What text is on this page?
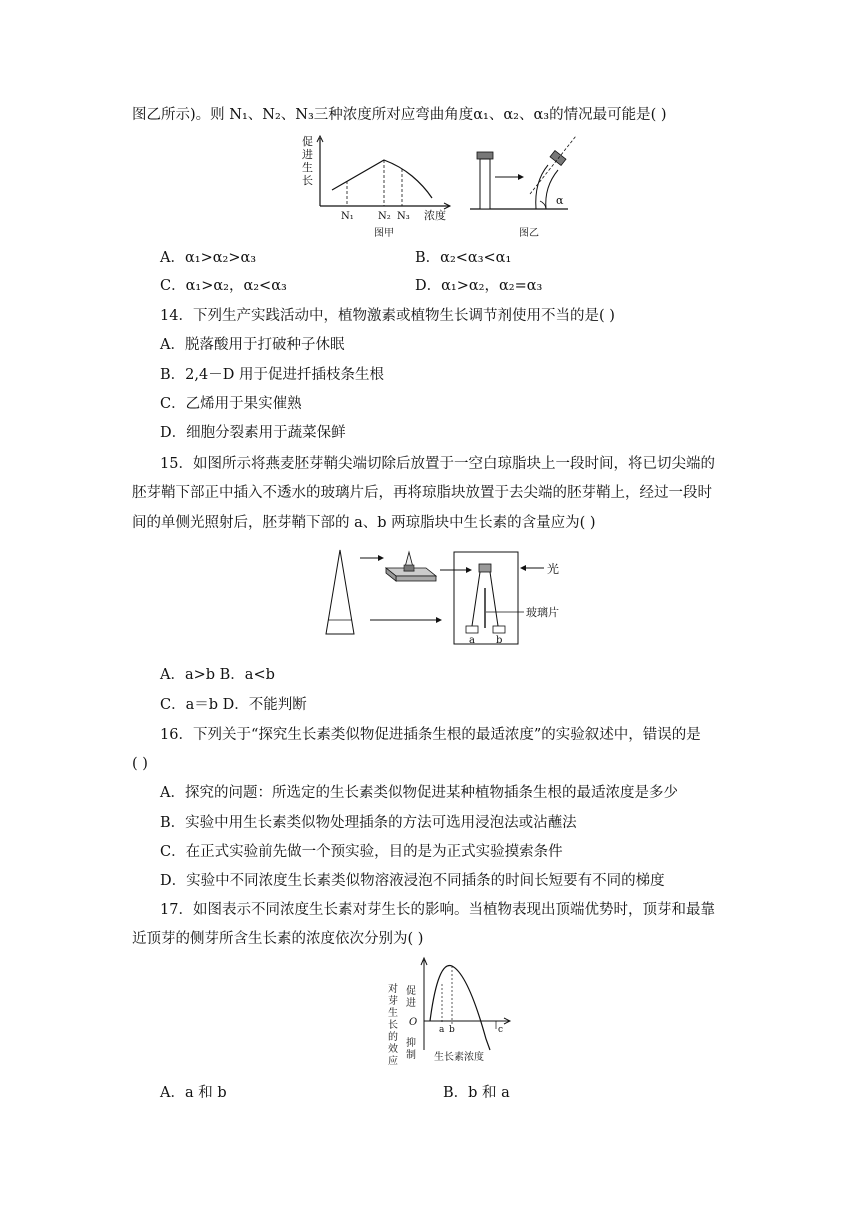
图乙所示)。则 N₁、N₂、N₃三种浓度所对应弯曲角度α₁、α₂、α₃的情况最可能是( )
促
进
生
长
N₁ N₂ N₃ 浓度
图甲
α
图乙
A．α₁>α₂>α₃	B．α₂<α₃<α₁
C．α₁>α₂，α₂<α₃	D．α₁>α₂，α₂=α₃
14．下列生产实践活动中，植物激素或植物生长调节剂使用不当的是( )
A．脱落酸用于打破种子休眠
B．2,4－D 用于促进扦插枝条生根
C．乙烯用于果实催熟
D．细胞分裂素用于蔬菜保鲜
15．如图所示将燕麦胚芽鞘尖端切除后放置于一空白琼脂块上一段时间，将已切尖端的
胚芽鞘下部正中插入不透水的玻璃片后，再将琼脂块放置于去尖端的胚芽鞘上，经过一段时
间的单侧光照射后，胚芽鞘下部的 a、b 两琼脂块中生长素的含量应为( )
a b
光
玻璃片
A．a>b B．a<b
C．a＝b D．不能判断
16．下列关于“探究生长素类似物促进插条生根的最适浓度”的实验叙述中，错误的是
( )
A．探究的问题：所选定的生长素类似物促进某种植物插条生根的最适浓度是多少
B．实验中用生长素类似物处理插条的方法可选用浸泡法或沾蘸法
C．在正式实验前先做一个预实验，目的是为正式实验摸索条件
D．实验中不同浓度生长素类似物溶液浸泡不同插条的时间长短要有不同的梯度
17．如图表示不同浓度生长素对芽生长的影响。当植物表现出顶端优势时，顶芽和最靠
近顶芽的侧芽所含生长素的浓度依次分别为( )
对
芽
生
长
的
效
应
促
进
抑
制
O
a b	c
生长素浓度
A．a 和 b	B．b 和 a
